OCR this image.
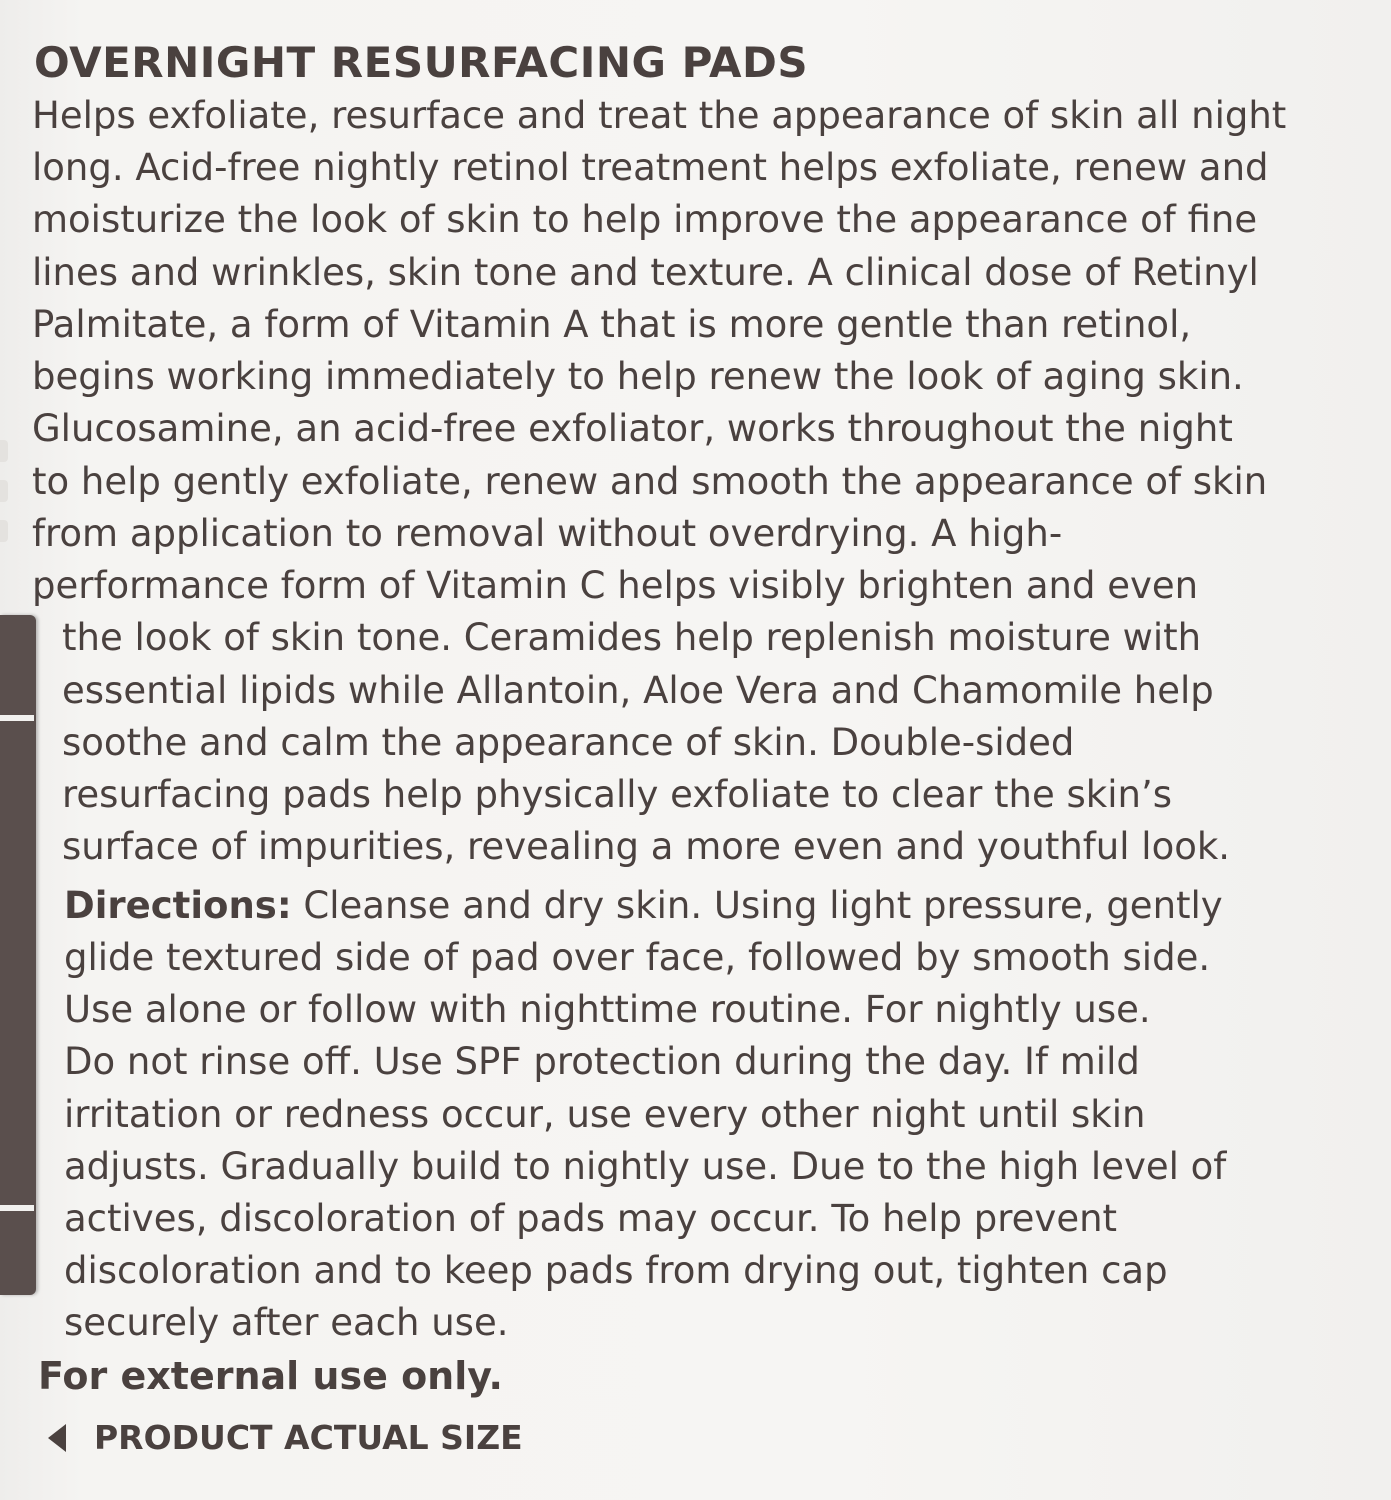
OVERNIGHT RESURFACING PADS
Helps exfoliate, resurface and treat the appearance of skin all night
long. Acid-free nightly retinol treatment helps exfoliate, renew and
moisturize the look of skin to help improve the appearance of fine
lines and wrinkles, skin tone and texture. A clinical dose of Retinyl
Palmitate, a form of Vitamin A that is more gentle than retinol,
begins working immediately to help renew the look of aging skin.
Glucosamine, an acid-free exfoliator, works throughout the night
to help gently exfoliate, renew and smooth the appearance of skin
from application to removal without overdrying. A high-
performance form of Vitamin C helps visibly brighten and even
the look of skin tone. Ceramides help replenish moisture with
essential lipids while Allantoin, Aloe Vera and Chamomile help
soothe and calm the appearance of skin. Double-sided
resurfacing pads help physically exfoliate to clear the skin’s
surface of impurities, revealing a more even and youthful look.
Directions: Cleanse and dry skin. Using light pressure, gently
glide textured side of pad over face, followed by smooth side.
Use alone or follow with nighttime routine. For nightly use.
Do not rinse off. Use SPF protection during the day. If mild
irritation or redness occur, use every other night until skin
adjusts. Gradually build to nightly use. Due to the high level of
actives, discoloration of pads may occur. To help prevent
discoloration and to keep pads from drying out, tighten cap
securely after each use.
For external use only.
PRODUCT ACTUAL SIZE
